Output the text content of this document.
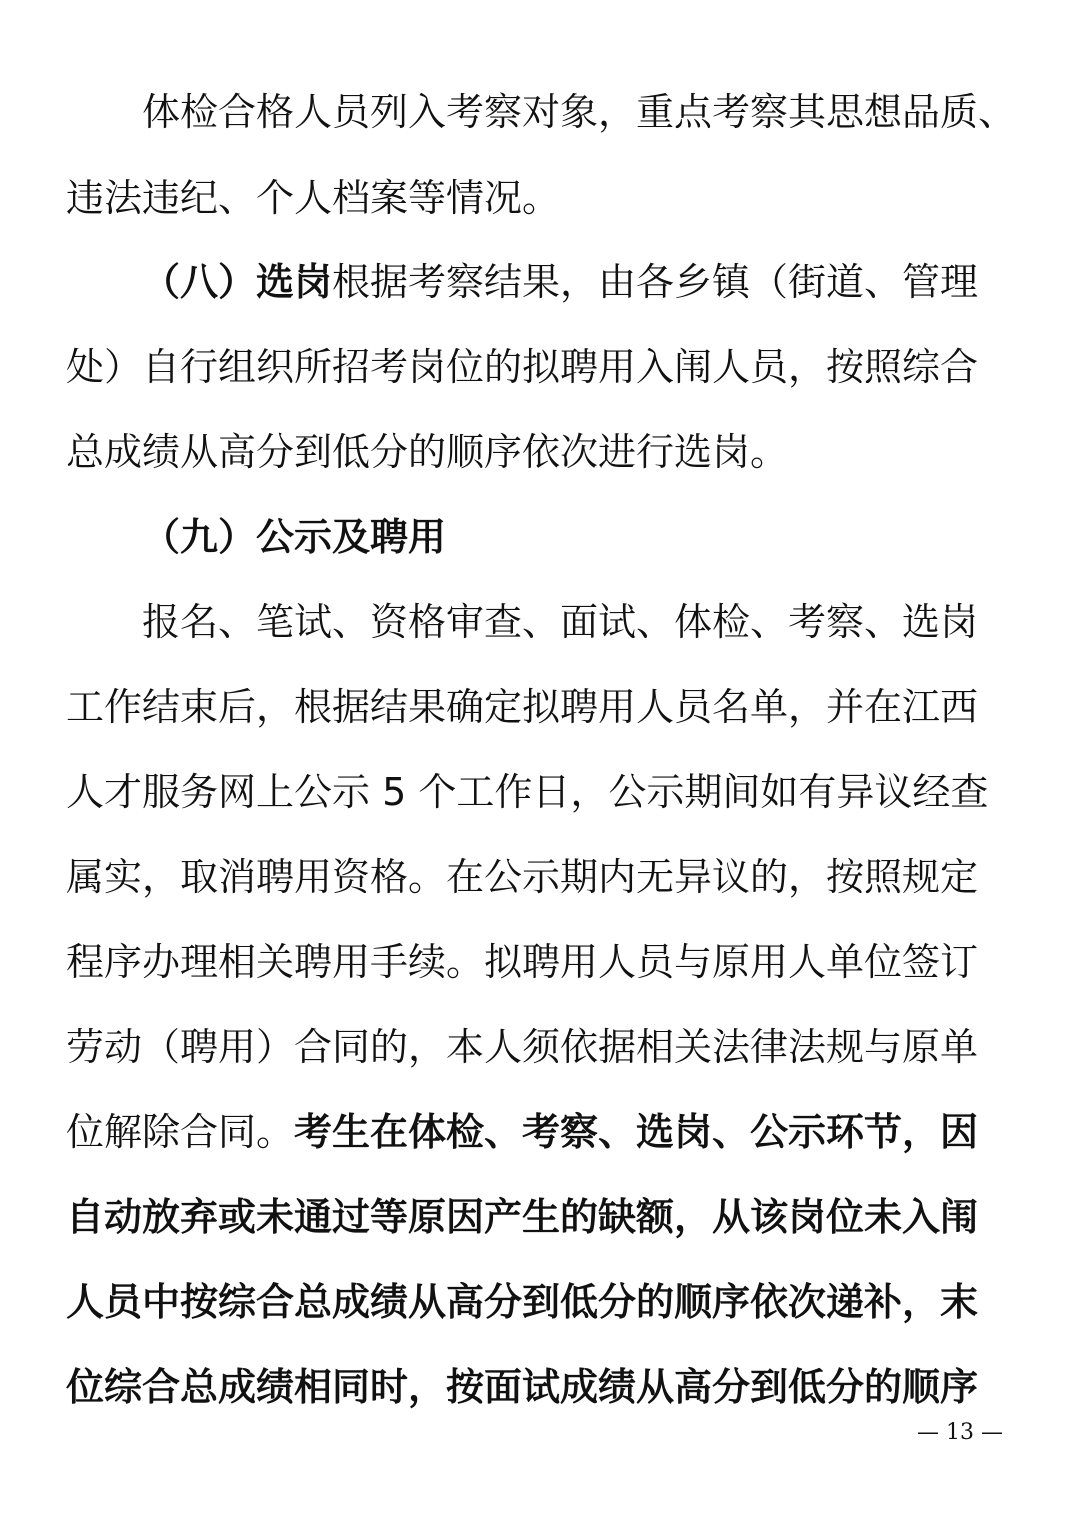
体检合格人员列入考察对象，重点考察其思想品质、
违法违纪、个人档案等情况。
（八）选岗根据考察结果，由各乡镇（街道、管理
处）自行组织所招考岗位的拟聘用入闱人员，按照综合
总成绩从高分到低分的顺序依次进行选岗。
（九）公示及聘用
报名、笔试、资格审查、面试、体检、考察、选岗
工作结束后，根据结果确定拟聘用人员名单，并在江西
人才服务网上公示 5 个工作日，公示期间如有异议经查
属实，取消聘用资格。在公示期内无异议的，按照规定
程序办理相关聘用手续。拟聘用人员与原用人单位签订
劳动（聘用）合同的，本人须依据相关法律法规与原单
位解除合同。考生在体检、考察、选岗、公示环节，因
自动放弃或未通过等原因产生的缺额，从该岗位未入闱
人员中按综合总成绩从高分到低分的顺序依次递补，末
位综合总成绩相同时，按面试成绩从高分到低分的顺序
— 13 —
